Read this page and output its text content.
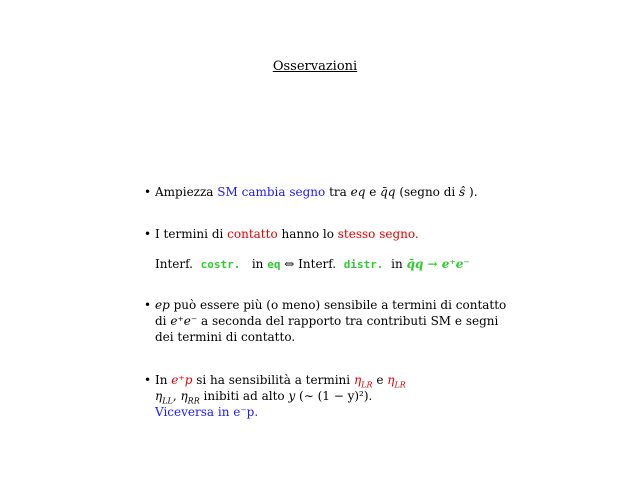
Osservazioni
• Ampiezza SM cambia segno tra eq e q̄q (segno di ŝ ).
• I termini di contatto hanno lo stesso segno.
Interf. costr. in eq ⇔ Interf. distr. in q̄q → e⁺e⁻
• ep può essere più (o meno) sensibile a termini di contatto
di e⁺e⁻ a seconda del rapporto tra contributi SM e segni
dei termini di contatto.
• In e⁺p si ha sensibilità a termini $\eta_{LR}$ e $\eta_{LR}$
$\eta_{LL}$, $\eta_{RR}$ inibiti ad alto y (∼ (1 − y)²).
Viceversa in e⁻p.
